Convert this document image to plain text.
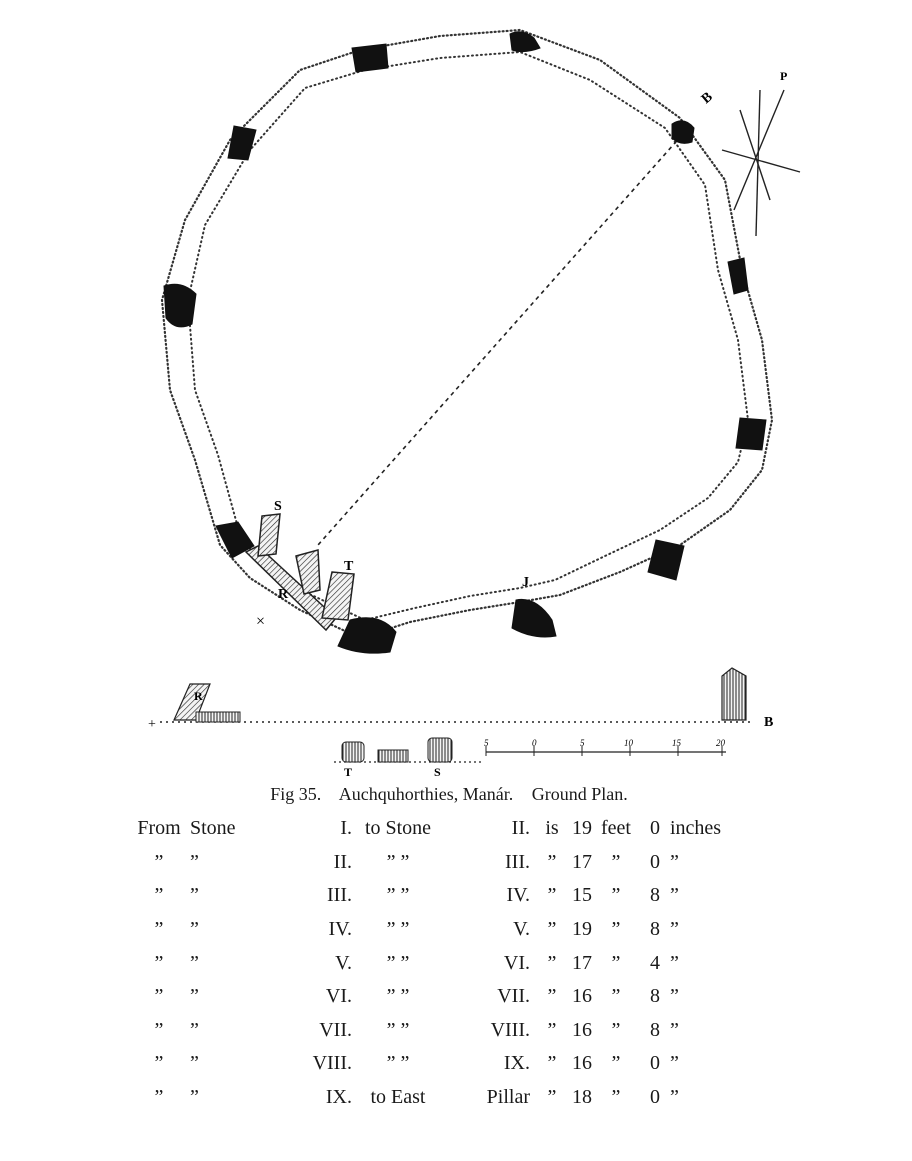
S
T
J
R
×
B
P
R
+	B
T	S
5	0	5	10	15	20
Fig 35. Auchquhorthies, Manár. Ground Plan.
From	Stone	I.	to Stone	II.	is	19	feet	0	inches
”	”	II.	” ”	III.	”	17	”	0	”
”	”	III.	” ”	IV.	”	15	”	8	”
”	”	IV.	” ”	V.	”	19	”	8	”
”	”	V.	” ”	VI.	”	17	”	4	”
”	”	VI.	” ”	VII.	”	16	”	8	”
”	”	VII.	” ”	VIII.	”	16	”	8	”
”	”	VIII.	” ”	IX.	”	16	”	0	”
”	”	IX.	to East	Pillar	”	18	”	0	”
